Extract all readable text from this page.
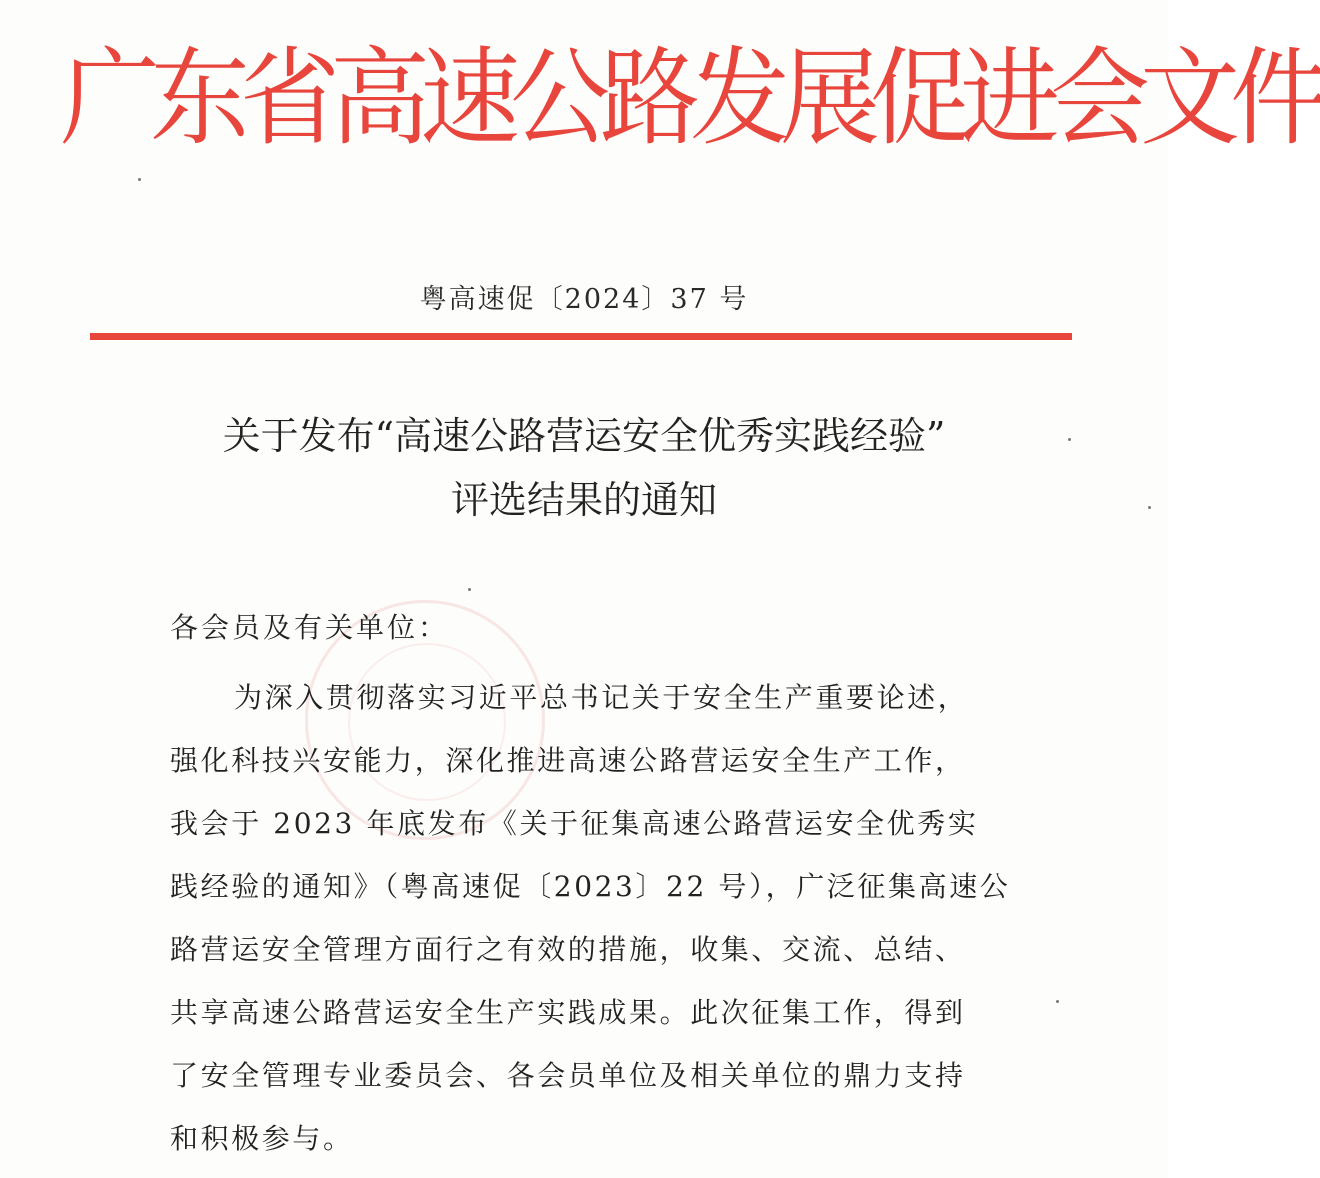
广东省高速公路发展促进会文件
粤高速促〔2024〕37 号
关于发布“高速公路营运安全优秀实践经验”
评选结果的通知
各会员及有关单位：
为深入贯彻落实习近平总书记关于安全生产重要论述，
强化科技兴安能力，深化推进高速公路营运安全生产工作，
我会于 2023 年底发布《关于征集高速公路营运安全优秀实
践经验的通知》（粤高速促〔2023〕22 号），广泛征集高速公
路营运安全管理方面行之有效的措施，收集、交流、总结、
共享高速公路营运安全生产实践成果。此次征集工作，得到
了安全管理专业委员会、各会员单位及相关单位的鼎力支持
和积极参与。
